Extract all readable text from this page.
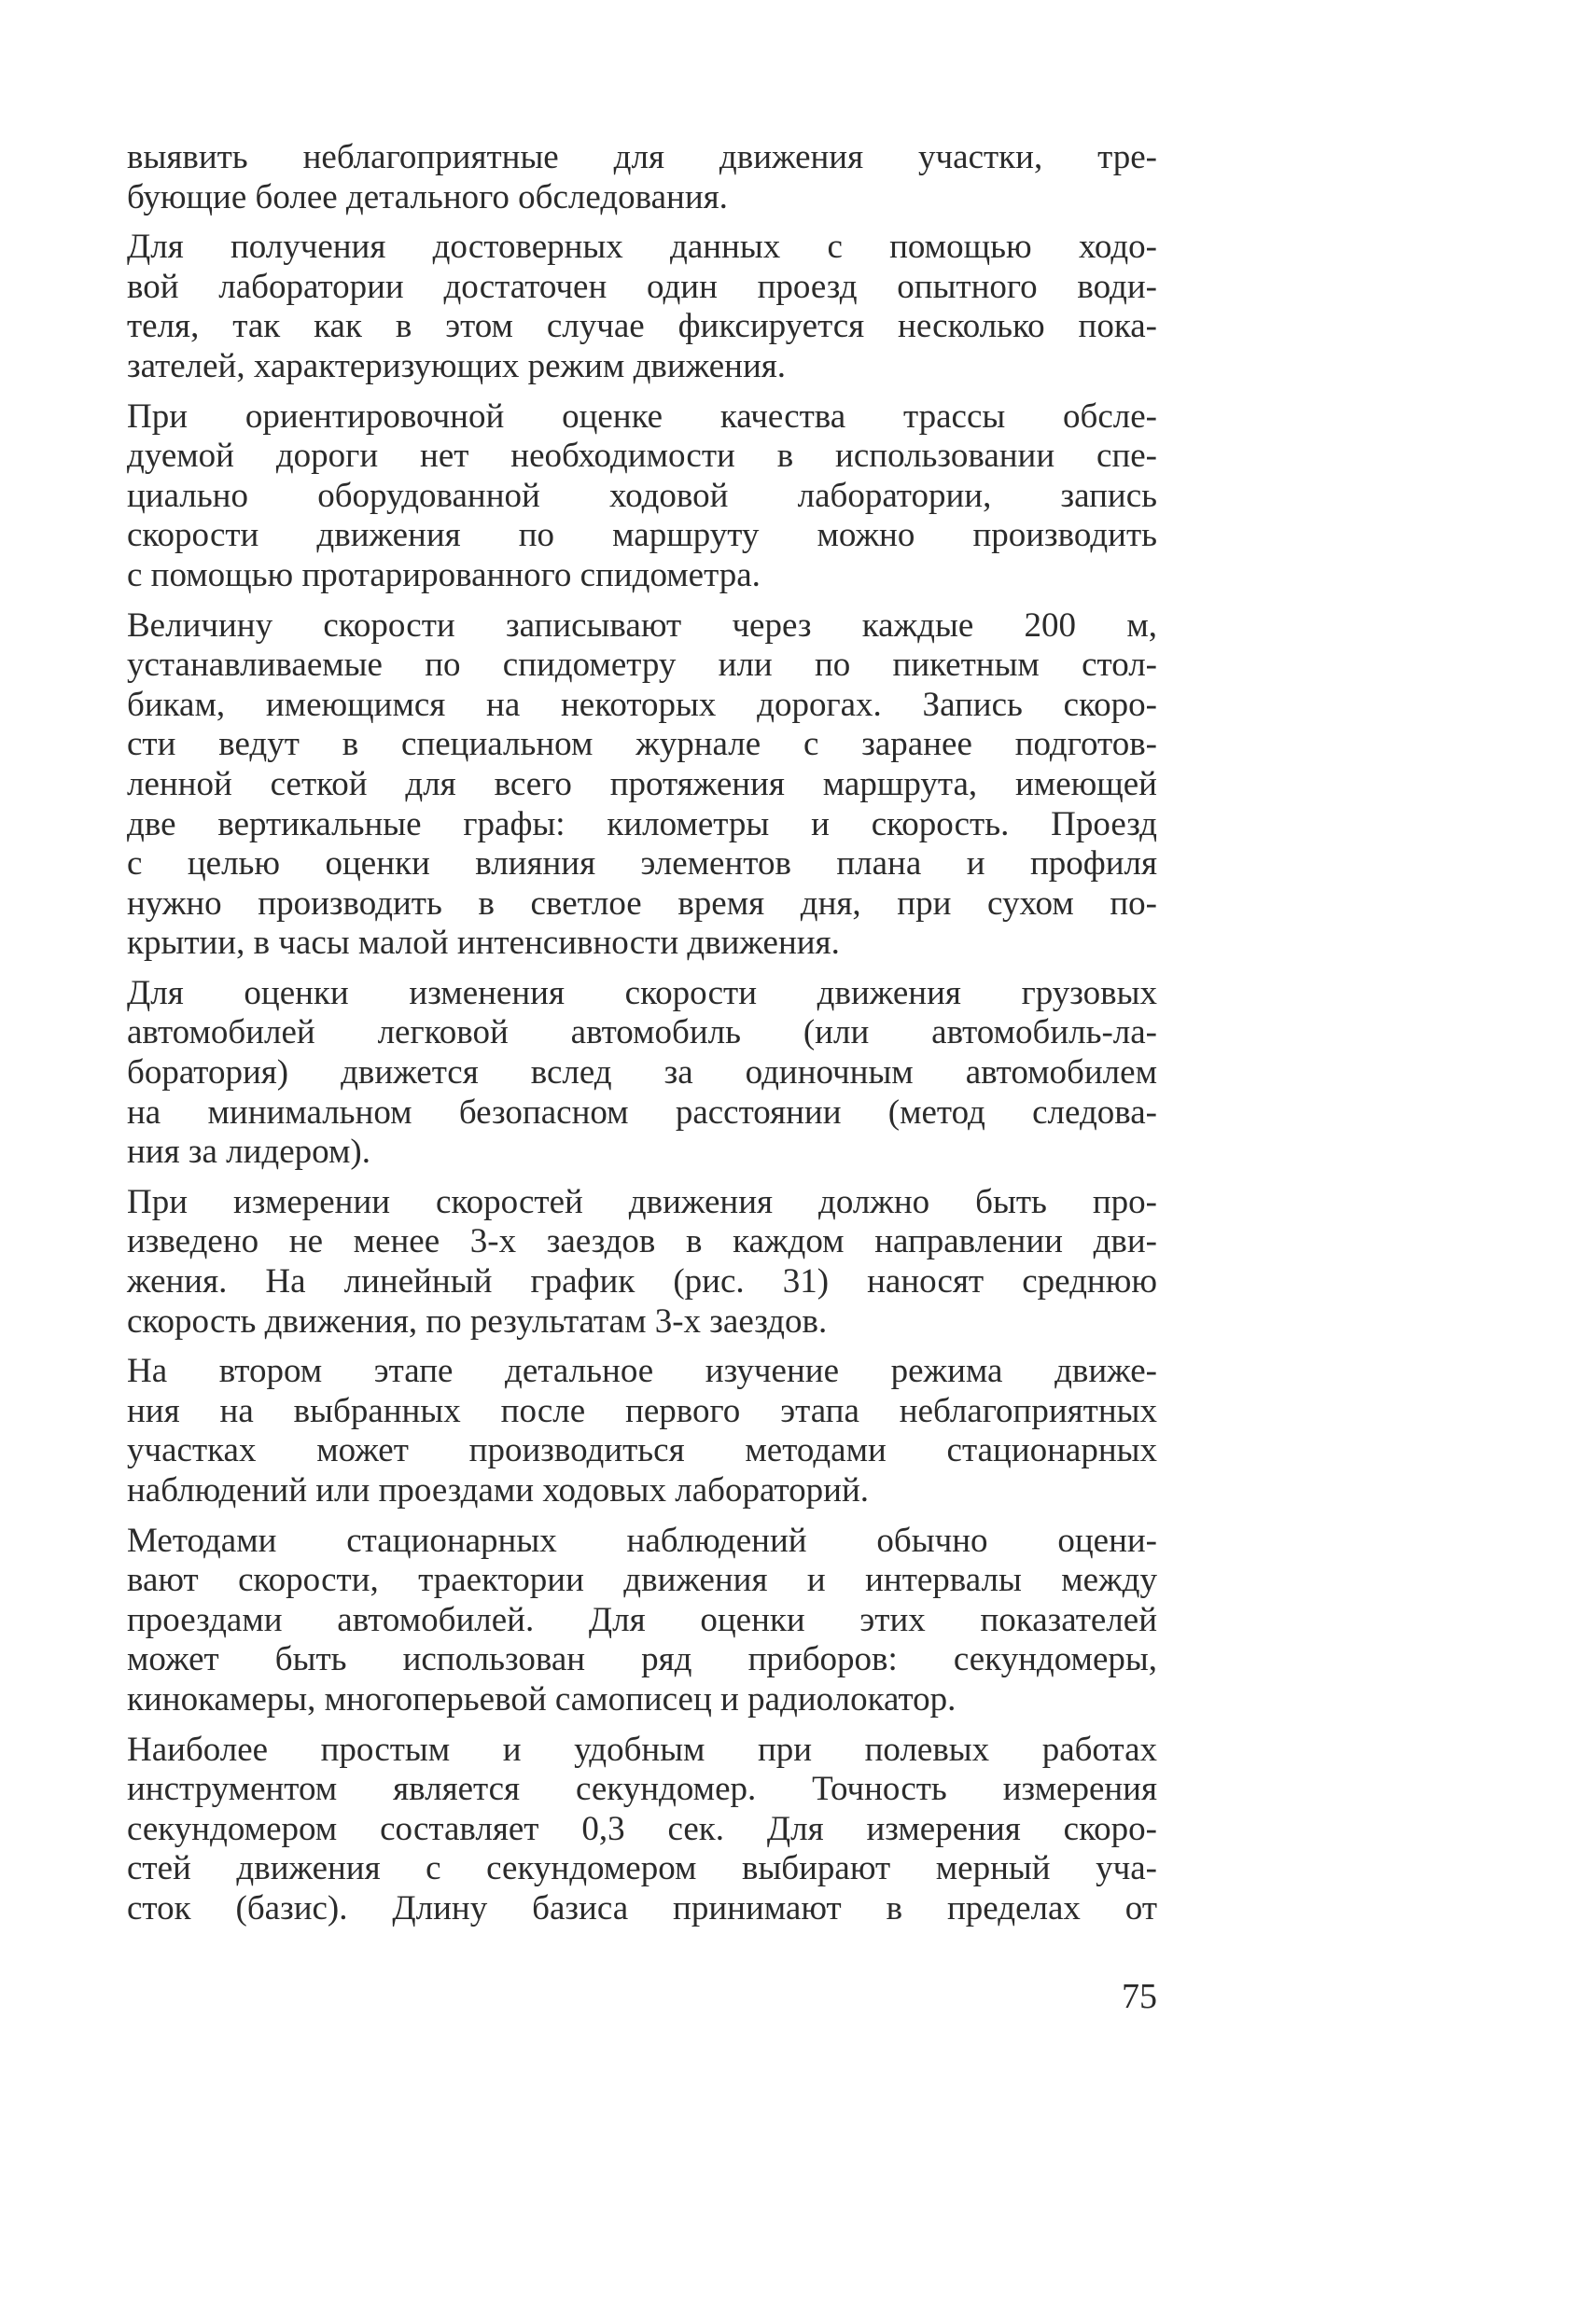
выявить неблагоприятные для движения участки, тре-
бующие более детального обследования.
Для получения достоверных данных с помощью ходо-
вой лаборатории достаточен один проезд опытного води-
теля, так как в этом случае фиксируется несколько пока-
зателей, характеризующих режим движения.
При ориентировочной оценке качества трассы обсле-
дуемой дороги нет необходимости в использовании спе-
циально оборудованной ходовой лаборатории, запись
скорости движения по маршруту можно производить
с помощью протарированного спидометра.
Величину скорости записывают через каждые 200 м,
устанавливаемые по спидометру или по пикетным стол-
бикам, имеющимся на некоторых дорогах. Запись скоро-
сти ведут в специальном журнале с заранее подготов-
ленной сеткой для всего протяжения маршрута, имеющей
две вертикальные графы: километры и скорость. Проезд
с целью оценки влияния элементов плана и профиля
нужно производить в светлое время дня, при сухом по-
крытии, в часы малой интенсивности движения.
Для оценки изменения скорости движения грузовых
автомобилей легковой автомобиль (или автомобиль-ла-
боратория) движется вслед за одиночным автомобилем
на минимальном безопасном расстоянии (метод следова-
ния за лидером).
При измерении скоростей движения должно быть про-
изведено не менее 3-х заездов в каждом направлении дви-
жения. На линейный график (рис. 31) наносят среднюю
скорость движения, по результатам 3-х заездов.
На втором этапе детальное изучение режима движе-
ния на выбранных после первого этапа неблагоприятных
участках может производиться методами стационарных
наблюдений или проездами ходовых лабораторий.
Методами стационарных наблюдений обычно оцени-
вают скорости, траектории движения и интервалы между
проездами автомобилей. Для оценки этих показателей
может быть использован ряд приборов: секундомеры,
кинокамеры, многоперьевой самописец и радиолокатор.
Наиболее простым и удобным при полевых работах
инструментом является секундомер. Точность измерения
секундомером составляет 0,3 сек. Для измерения скоро-
стей движения с секундомером выбирают мерный уча-
сток (базис). Длину базиса принимают в пределах от
75
